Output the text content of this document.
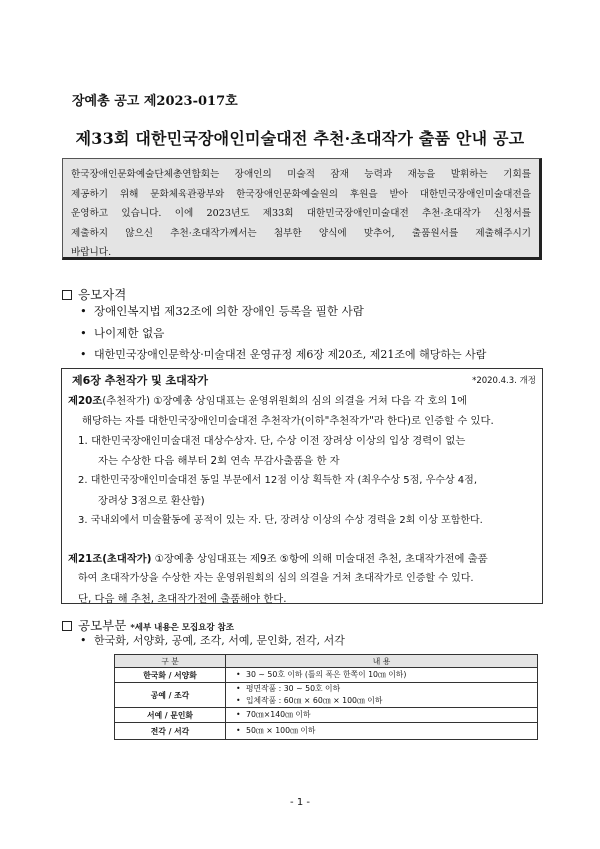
장예총 공고 제2023-017호
제33회 대한민국장애인미술대전 추천·초대작가 출품 안내 공고
한국장애인문화예술단체총연합회는 장애인의 미술적 잠재 능력과 재능을 발휘하는 기회를
제공하기 위해 문화체육관광부와 한국장애인문화예술원의 후원을 받아 대한민국장애인미술대전을
운영하고 있습니다. 이에 2023년도 제33회 대한민국장애인미술대전 추천·초대작가 신청서를
제출하지 않으신 추천·초대작가께서는 첨부한 양식에 맞추어, 출품원서를 제출해주시기
바랍니다.
응모자격
• 장애인복지법 제32조에 의한 장애인 등록을 필한 사람
• 나이제한 없음
• 대한민국장애인문학상·미술대전 운영규정 제6장 제20조, 제21조에 해당하는 사람
제6장 추천작가 및 초대작가	*2020.4.3. 개정
제20조(추천작가) ①장예총 상임대표는 운영위원회의 심의 의결을 거쳐 다음 각 호의 1에
해당하는 자를 대한민국장애인미술대전 추천작가(이하"추천작가"라 한다)로 인증할 수 있다.
1. 대한민국장애인미술대전 대상수상자. 단, 수상 이전 장려상 이상의 입상 경력이 없는
자는 수상한 다음 해부터 2회 연속 무감사출품을 한 자
2. 대한민국장애인미술대전 동일 부문에서 12점 이상 획득한 자 (최우수상 5점, 우수상 4점,
장려상 3점으로 환산함)
3. 국내외에서 미술활동에 공적이 있는 자. 단, 장려상 이상의 수상 경력을 2회 이상 포함한다.
제21조(초대작가) ①장예총 상임대표는 제9조 ⑤항에 의해 미술대전 추천, 초대작가전에 출품
하여 초대작가상을 수상한 자는 운영위원회의 심의 의결을 거쳐 초대작가로 인증할 수 있다.
단, 다음 해 추천, 초대작가전에 출품해야 한다.
공모부문 *세부 내용은 모집요강 참조
• 한국화, 서양화, 공예, 조각, 서예, 문인화, 전각, 서각
구 분	내 용
한국화 / 서양화	• 30 ~ 50호 이하 (틀의 폭은 한쪽이 10㎝ 이하)

공예 / 조각	• 평면작품 : 30 ~ 50호 이하
• 입체작품 : 60㎝ × 60㎝ × 100㎝ 이하

서예 / 문인화	• 70㎝×140㎝ 이하

전각 / 서각	• 50㎝ × 100㎝ 이하
- 1 -
